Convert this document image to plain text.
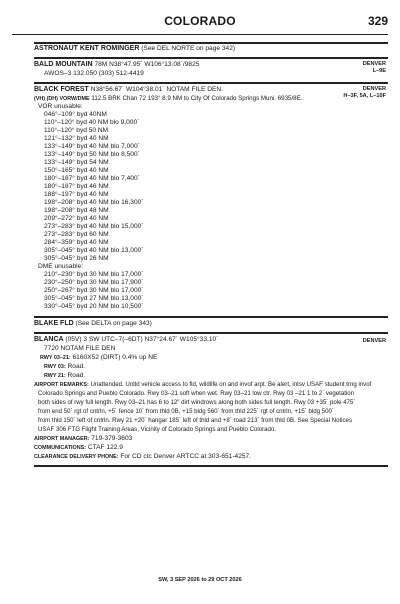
COLORADO	329
ASTRONAUT KENT ROMINGER (See DEL NORTE on page 342)
BALD MOUNTAIN 78M N38°47.95´ W106°13.08´/9825
AWOS–3 132.050 (303) 512-4419
DENVER
L–9E
BLACK FOREST N38°56.67´ W104°38.01´ NOTAM FILE DEN.
(VH) (DH) VORW/DME 112.5 BRK Chan 72 193° 8.9 NM to City Of Colorado Springs Muni. 6935/8E.
DENVER
H–3F, 5A, L–10F
VOR unusable:
046°–109° byd 40NM
110°–120° byd 40 NM blo 9,000´
110°–120° byd 50 NM
121°–132° byd 40 NM
133°–149° byd 40 NM blo 7,000´
133°–149° byd 50 NM blo 8,500´
133°–149° byd 54 NM
150°–165° byd 40 NM
180°–187° byd 40 NM blo 7,400´
180°–187° byd 46 NM
188°–197° byd 40 NM
198°–208° byd 40 NM blo 16,300´
198°–208° byd 48 NM
209°–272° byd 40 NM
273°–283° byd 40 NM blo 15,000´
273°–283° byd 60 NM
284°–359° byd 40 NM
305°–045° byd 40 NM blo 13,000´
305°–045° byd 26 NM
DME unusable:
210°–230° byd 30 NM blo 17,000´
230°–250° byd 30 NM blo 17,900´
250°–267° byd 30 NM blo 17,000´
305°–045° byd 27 NM blo 13,000´
330°–045° byd 20 NM blo 10,500´
BLAKE FLD (See DELTA on page 343)
BLANCA (05V) 3 SW UTC–7(–6DT) N37°24.67´ W105°33.10´
7720 NOTAM FILE DEN
DENVER
RWY 03–21: 6160X52 (DIRT) 0.4% up NE
RWY 03: Road.
RWY 21: Road.
AIRPORT REMARKS: Unattended. Unltd vehicle access to fld, wildlife on and invof arpt. Be alert, intsv USAF student trng invof
Colorado Springs and Pueblo Colorado. Rwy 03–21 soft when wet. Rwy 03–21 low ctr. Rwy 03 –21 1 to 2´ vegetation
both sides of rwy full length. Rwy 03–21 has 6 to 12″ dirt windrows along both sides full length. Rwy 03 +35´ pole 475´
from end 50´ rgt of cntrln, +5´ fence 10´ from thld 0B, +15 bldg 560´ from thld 225´ rgt of cntrln, +15´ bldg 500´
from thld 150´ left of cntrln. Rwy 21 +20´ hangar 185´ left of thld and +8´ road 213´ from thld 0B. See Special Notices
USAF 306 FTG Flight Training Areas, Vicinity of Colorado Springs and Pueblo Colorado.
AIRPORT MANAGER: 719-379-3603
COMMUNICATIONS: CTAF 122.9
CLEARANCE DELIVERY PHONE: For CD ctc Denver ARTCC at 303-651-4257.
SW, 3 SEP 2026 to 29 OCT 2026
